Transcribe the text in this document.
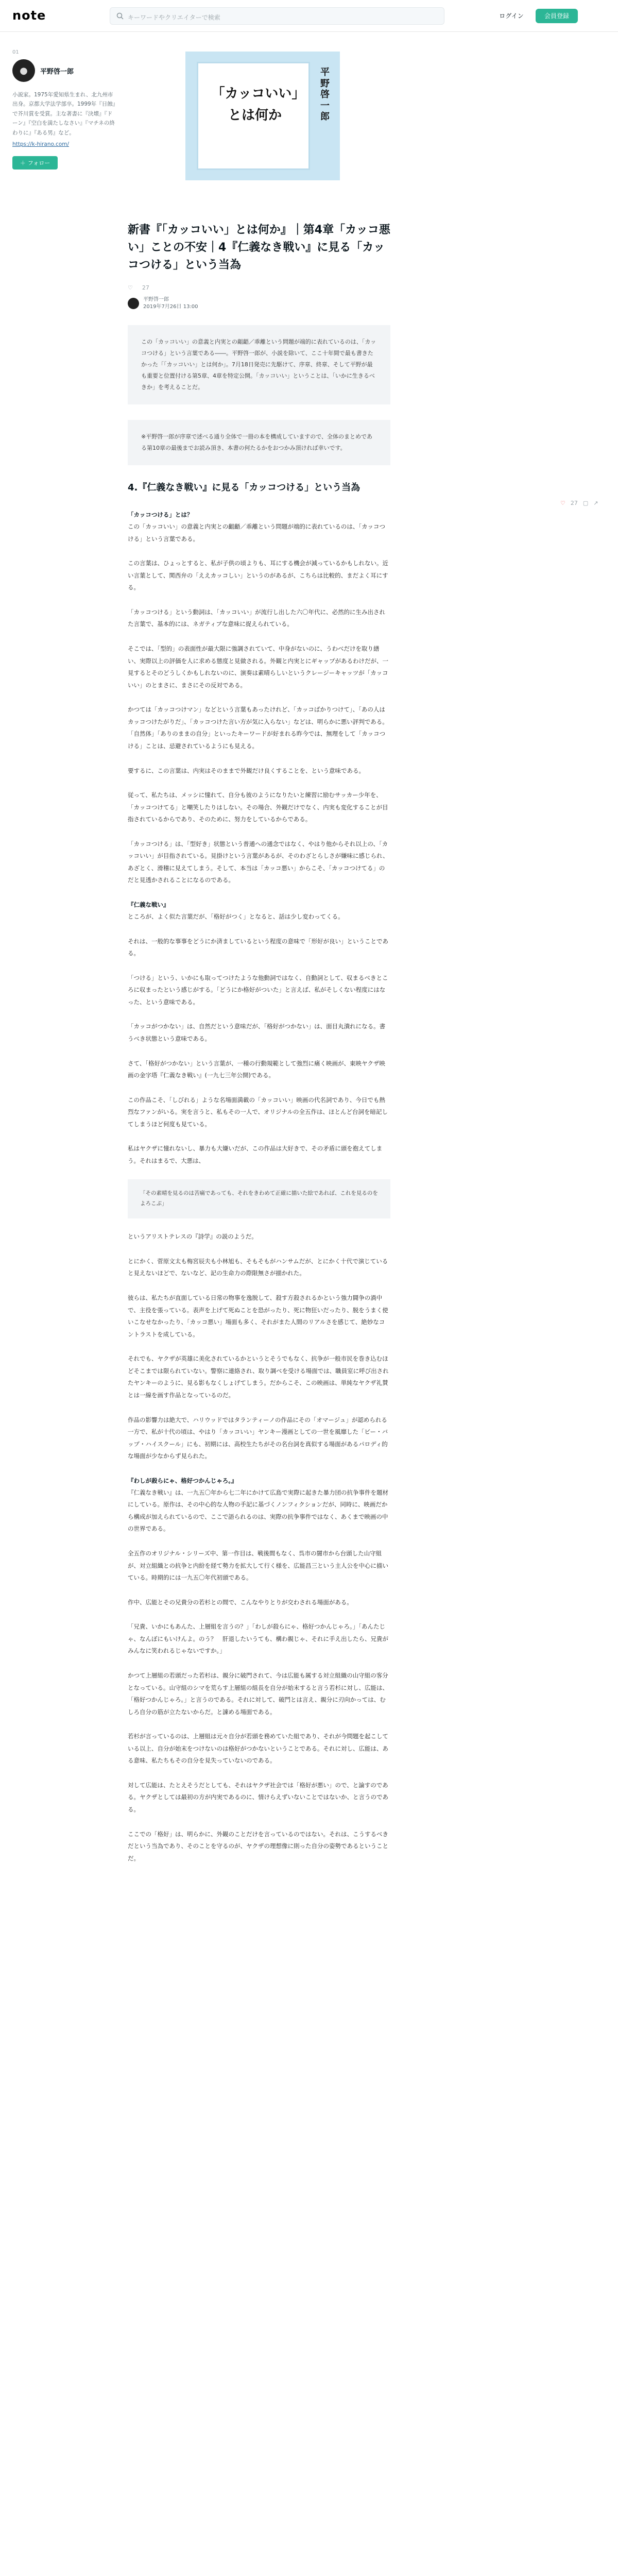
note	キーワードやクリエイターで検索	ログイン	会員登録
01
●	平野啓一郎

小説家。1975年愛知県生まれ、北九州市出身。京都大学法学部卒。1999年『日蝕』で芥川賞を受賞。主な著書に『決壊』『ドーン』『空白を満たしなさい』『マチネの終わりに』『ある男』など。

https://k-hirano.com/
＋ フォロー
「カッコいい」とは何か
平野啓一郎
♡ 27 ▢ ↗
新書『「カッコいい」とは何か』｜第4章「カッコ悪い」ことの不安｜4『仁義なき戦い』に見る「カッコつける」という当為
♡ 27
平野啓一郎
2019年7月26日 13:00
この「カッコいい」の意義と内実との齟齬／乖離という問題が端的に表れているのは、「カッコつける」という言葉である――。平野啓一郎が、小説を除いて、ここ十年間で最も書きたかった「「カッコいい」とは何か」。7月18日発売に先駆けて、序章、終章、そして平野が最も重要と位置付ける第5章、4章を特定公開。「カッコいい」ということは、「いかに生きるべきか」を考えることだ。
※平野啓一郎が序章で述べる通り全体で一冊の本を構成していますので、全体のまとめである第10章の最後までお読み頂き、本書の何たるかをおつかみ頂ければ幸いです。
4.『仁義なき戦い』に見る「カッコつける」という当為

「カッコつける」とは？

この「カッコいい」の意義と内実との齟齬／乖離という問題が端的に表れているのは、「カッコつける」という言葉である。

この言葉は、ひょっとすると、私が子供の頃よりも、耳にする機会が減っているかもしれない。近い言葉として、関西弁の「ええカッコしい」というのがあるが、こちらは比較的、まだよく耳にする。

「カッコつける」という動詞は、「カッコいい」が流行し出した六〇年代に、必然的に生み出された言葉で、基本的には、ネガティブな意味に捉えられている。

そこでは、「型的」の表面性が最大限に強調されていて、中身がないのに、うわべだけを取り繕い、実際以上の評価を人に求める態度と見做される。外観と内実とにギャップがあるわけだが、一見するとそのどうしくかもしれないのに、演奏は素晴らしいというクレージーキャッツが「カッコいい」のとまさに、まさにその反対である。

かつては「カッコつけマン」などという言葉もあったけれど、「カッコばかりつけて」、「あの人はカッコつけたがりだ」、「カッコつけた言い方が気に入らない」などは、明らかに悪い評判である。「自然体」「ありのままの自分」といったキーワードが好まれる昨今では、無理をして「カッコつける」ことは、忌避されているようにも見える。

要するに、この言葉は、内実はそのままで外観だけ良くすることを、という意味である。

従って、私たちは、メッシに憧れて、自分も彼のようになりたいと練習に励むサッカー少年を、「カッコつけてる」と嘲笑したりはしない。その場合、外観だけでなく、内実も変化することが目指されているからであり、そのために、努力をしているからである。

「カッコつける」は、「型好き」状態という普通への通念ではなく、やはり他からそれ以上の、「カッコいい」が目指されている。見掛けという言葉があるが、そのわざとらしさが嫌味に感じられ、あざとく、滑稽に見えてしまう。そして、本当は「カッコ悪い」からこそ、「カッコつけてる」のだと見透かされることになるのである。

『仁義な戦い』

ところが、よく似た言葉だが、「格好がつく」となると、話は少し変わってくる。

それは、一般的な事事をどうにか済ましているという程度の意味で「形好が良い」ということである。

「つける」という、いかにも取ってつけたような他動詞ではなく、自動詞として、収まるべきところに収まったという感じがする。「どうにか格好がついた」と言えば、私がそしくない程度にはなった、という意味である。

「カッコがつかない」は、自然だという意味だが、「格好がつかない」は、面目丸潰れになる。書うべき状態という意味である。

さて、「格好がつかない」という言葉が、一種の行動規範として強烈に痛く映画が、東映ヤクザ映画の金字塔『仁義なき戦い』(一九七三年公開)である。

この作品こそ、「しびれる」ような名場面満載の「カッコいい」映画の代名詞であり、今日でも熱烈なファンがいる。実を言うと、私もその一人で、オリジナルの全五作は、ほとんど台詞を暗記してしまうほど何度も見ている。

私はヤクザに憧れないし、暴力も大嫌いだが、この作品は大好きで、その矛盾に頭を抱えてしまう。それはまるで、大悪は、

「その素晴を見るのは苦痛であっても、それをきわめて正確に描いた絵であれば、これを見るのをよろこぶ」

というアリストテレスの『詩学』の説のようだ。

とにかく、菅原文太も梅宮辰夫も小林旭も、そもそもがハンサムだが、とにかく十代で演じていると見えないほどで、ないなど、記の生命力の際限無さが描かれた。

彼らは、私たちが直面している日常の物事を逸脱して、殺す方殺されるかという強力闘争の渦中で、主役を張っている。表声を上げて死ぬことを恐がったり、死に物狂いだったり、脱をうまく使いこなせなかったり、「カッコ悪い」場面も多く、それがまた人間のリアルさを感じて、絶妙なコントラストを成している。

それでも、ヤクザが英雄に美化されているかというとそうでもなく、抗争が一般市民を巻き込むほどそこまでは限られていない。警察に連絡され、取り調べを受ける場面では、職員室に呼び出されたヤンキーのように、見る影もなくしょげてしまう。だからこそ、この映画は、単純なヤクザ礼賛とは一線を画す作品となっているのだ。

作品の影響力は絶大で、ハリウッドではタランティーノの作品にその「オマージュ」が認められる一方で、私が十代の頃は、やはり「カッコいい」ヤンキー漫画としての一世を風靡した「ビー・バップ・ハイスクール」にも、初期には、高校生たちがその名台詞を真似する場面があるパロディ的な場面が少なからず見られた。

『わしが殺らにゃ、格好つかんじゃろ。』

『仁義なき戦い』は、一九五〇年から七二年にかけて広島で実際に起きた暴力団の抗争事件を題材にしている。原作は、その中心的な人物の手記に基づくノンフィクションだが、同時に、映画だから構成が加えられているので、ここで語られるのは、実際の抗争事件ではなく、あくまで映画の中の世界である。

全五作のオリジナル・シリーズ中、第一作目は、戦後間もなく、呉市の闇市から台頭した山守組が、対立組織との抗争と内紛を経て勢力を拡大して行く様を、広能昌三という主人公を中心に描いている。時期的には一九五〇年代初頭である。

作中、広能とその兄貴分の若杉との間で、こんなやりとりが交わされる場面がある。

「兄貴、いかにもあんた、上層組を言うの？」「わしが殺らにゃ、格好つかんじゃろ。」「あんたじゃ、なんぼにもいけんよ。のう？　肝退したいうても、構わ親じゃ、それに手え出したら、兄貴がみんなに笑われるじゃないですか。」

かつて上層組の若頭だった若杉は、親分に破門されて、今は広能も属する対立組織の山守組の客分となっている。山守組のシマを荒らす上層組の組長を自分が始末すると言う若杉に対し、広能は、「格好つかんじゃろ。」と言うのである。それに対して、破門とは言え、親分に刃向かっては、むしろ自分の筋が立たないからだ。と諌める場面である。

若杉が言っているのは、上層組は元々自分が若頭を務めていた組であり、それが今問題を起こしている以上、自分が始末をつけないのは格好がつかないということである。それに対し、広能は、ある意味、私たちもその自分を見失っていないのである。

対して広能は、たとえそうだとしても、それはヤクザ社会では「格好が悪い」ので、と論すのである。ヤクザとしては最初の方が内実であるのに、情けらえずいないことではないか、と言うのである。

ここでの「格好」は、明らかに、外観のことだけを言っているのではない。それは、こうするべきだという当為であり、そのことを守るのが、ヤクザの理想像に則った自分の姿勢であるということだ。
